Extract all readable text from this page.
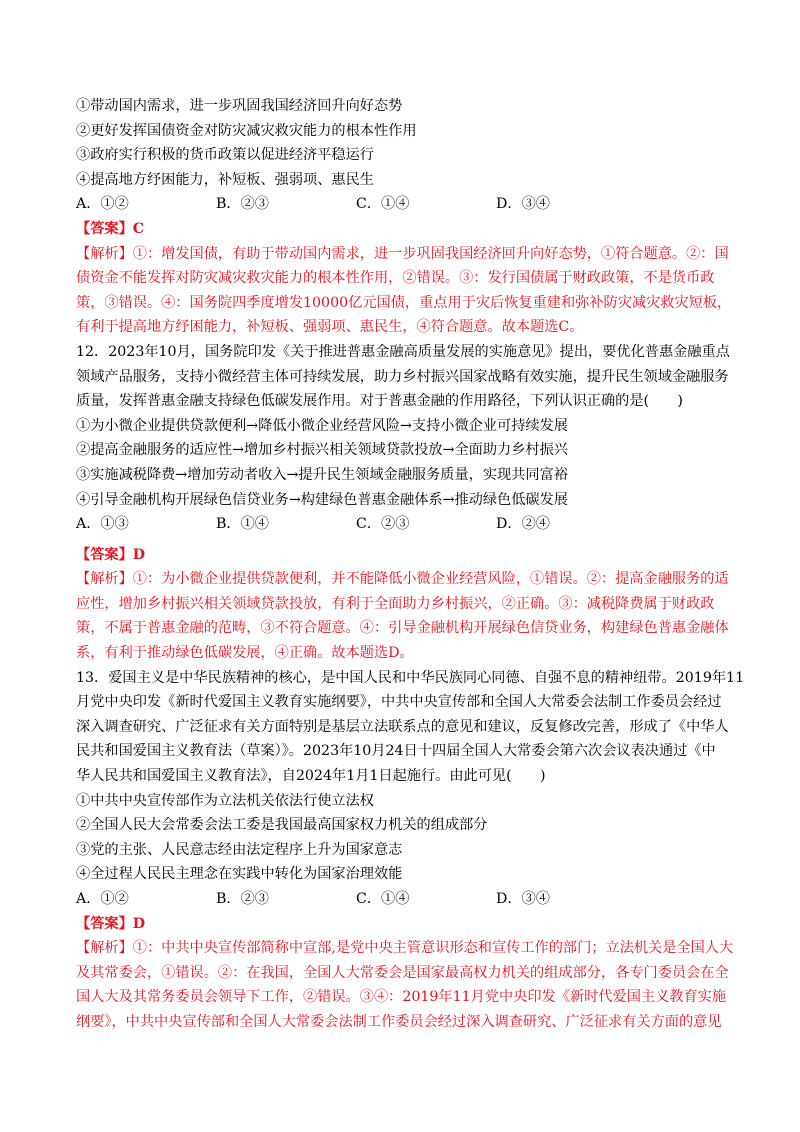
①带动国内需求，进一步巩固我国经济回升向好态势
②更好发挥国债资金对防灾减灾救灾能力的根本性作用
③政府实行积极的货币政策以促进经济平稳运行
④提高地方纾困能力，补短板、强弱项、惠民生
A．①②	B．②③	C．①④	D．③④
【答案】C
【解析】①：增发国债，有助于带动国内需求，进一步巩固我国经济回升向好态势，①符合题意。②：国
债资金不能发挥对防灾减灾救灾能力的根本性作用，②错误。③：发行国债属于财政政策，不是货币政
策，③错误。④：国务院四季度增发10000亿元国债，重点用于灾后恢复重建和弥补防灾减灾救灾短板，
有利于提高地方纾困能力，补短板、强弱项、惠民生，④符合题意。故本题选C。
12．2023年10月，国务院印发《关于推进普惠金融高质量发展的实施意见》提出，要优化普惠金融重点
领域产品服务，支持小微经营主体可持续发展，助力乡村振兴国家战略有效实施，提升民生领域金融服务
质量，发挥普惠金融支持绿色低碳发展作用。对于普惠金融的作用路径，下列认识正确的是(　　)
①为小微企业提供贷款便利→降低小微企业经营风险→支持小微企业可持续发展
②提高金融服务的适应性→增加乡村振兴相关领域贷款投放→全面助力乡村振兴
③实施减税降费→增加劳动者收入→提升民生领域金融服务质量，实现共同富裕
④引导金融机构开展绿色信贷业务→构建绿色普惠金融体系→推动绿色低碳发展
A．①③	B．①④	C．②③	D．②④
【答案】D
【解析】①：为小微企业提供贷款便利，并不能降低小微企业经营风险，①错误。②：提高金融服务的适
应性，增加乡村振兴相关领域贷款投放，有利于全面助力乡村振兴，②正确。③：减税降费属于财政政
策，不属于普惠金融的范畴，③不符合题意。④：引导金融机构开展绿色信贷业务，构建绿色普惠金融体
系，有利于推动绿色低碳发展，④正确。故本题选D。
13．爱国主义是中华民族精神的核心，是中国人民和中华民族同心同德、自强不息的精神纽带。2019年11
月党中央印发《新时代爱国主义教育实施纲要》，中共中央宣传部和全国人大常委会法制工作委员会经过
深入调查研究、广泛征求有关方面特别是基层立法联系点的意见和建议，反复修改完善，形成了《中华人
民共和国爱国主义教育法（草案）》。2023年10月24日十四届全国人大常委会第六次会议表决通过《中
华人民共和国爱国主义教育法》，自2024年1月1日起施行。由此可见(　　)
①中共中央宣传部作为立法机关依法行使立法权
②全国人民大会常委会法工委是我国最高国家权力机关的组成部分
③党的主张、人民意志经由法定程序上升为国家意志
④全过程人民民主理念在实践中转化为国家治理效能
A．①②	B．②③	C．①④	D．③④
【答案】D
【解析】①：中共中央宣传部简称中宣部,是党中央主管意识形态和宣传工作的部门；立法机关是全国人大
及其常委会，①错误。②：在我国，全国人大常委会是国家最高权力机关的组成部分，各专门委员会在全
国人大及其常务委员会领导下工作，②错误。③④：2019年11月党中央印发《新时代爱国主义教育实施
纲要》，中共中央宣传部和全国人大常委会法制工作委员会经过深入调查研究、广泛征求有关方面的意见
